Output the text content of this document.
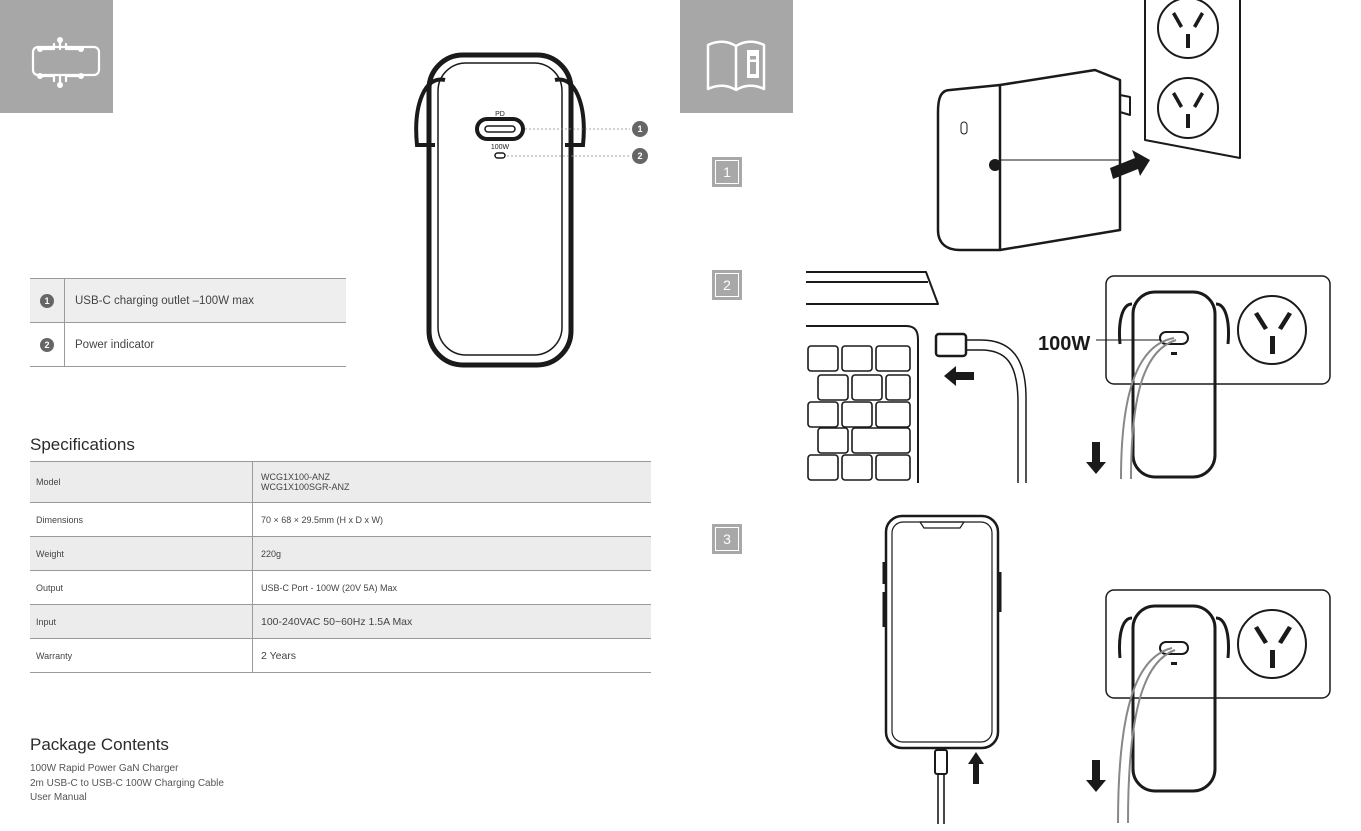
PD
100W
1
2
1	USB-C charging outlet –100W max
2	Power indicator
Specifications
Model	WCG1X100-ANZ
WCG1X100SGR-ANZ
Dimensions	70 × 68 × 29.5mm (H x D x W)
Weight	220g
Output	USB-C Port - 100W (20V 5A) Max
Input	100-240VAC 50~60Hz 1.5A Max
Warranty	2 Years
Package Contents
100W Rapid Power GaN Charger
2m USB-C to USB-C 100W Charging Cable
User Manual
1
2
3
100W
